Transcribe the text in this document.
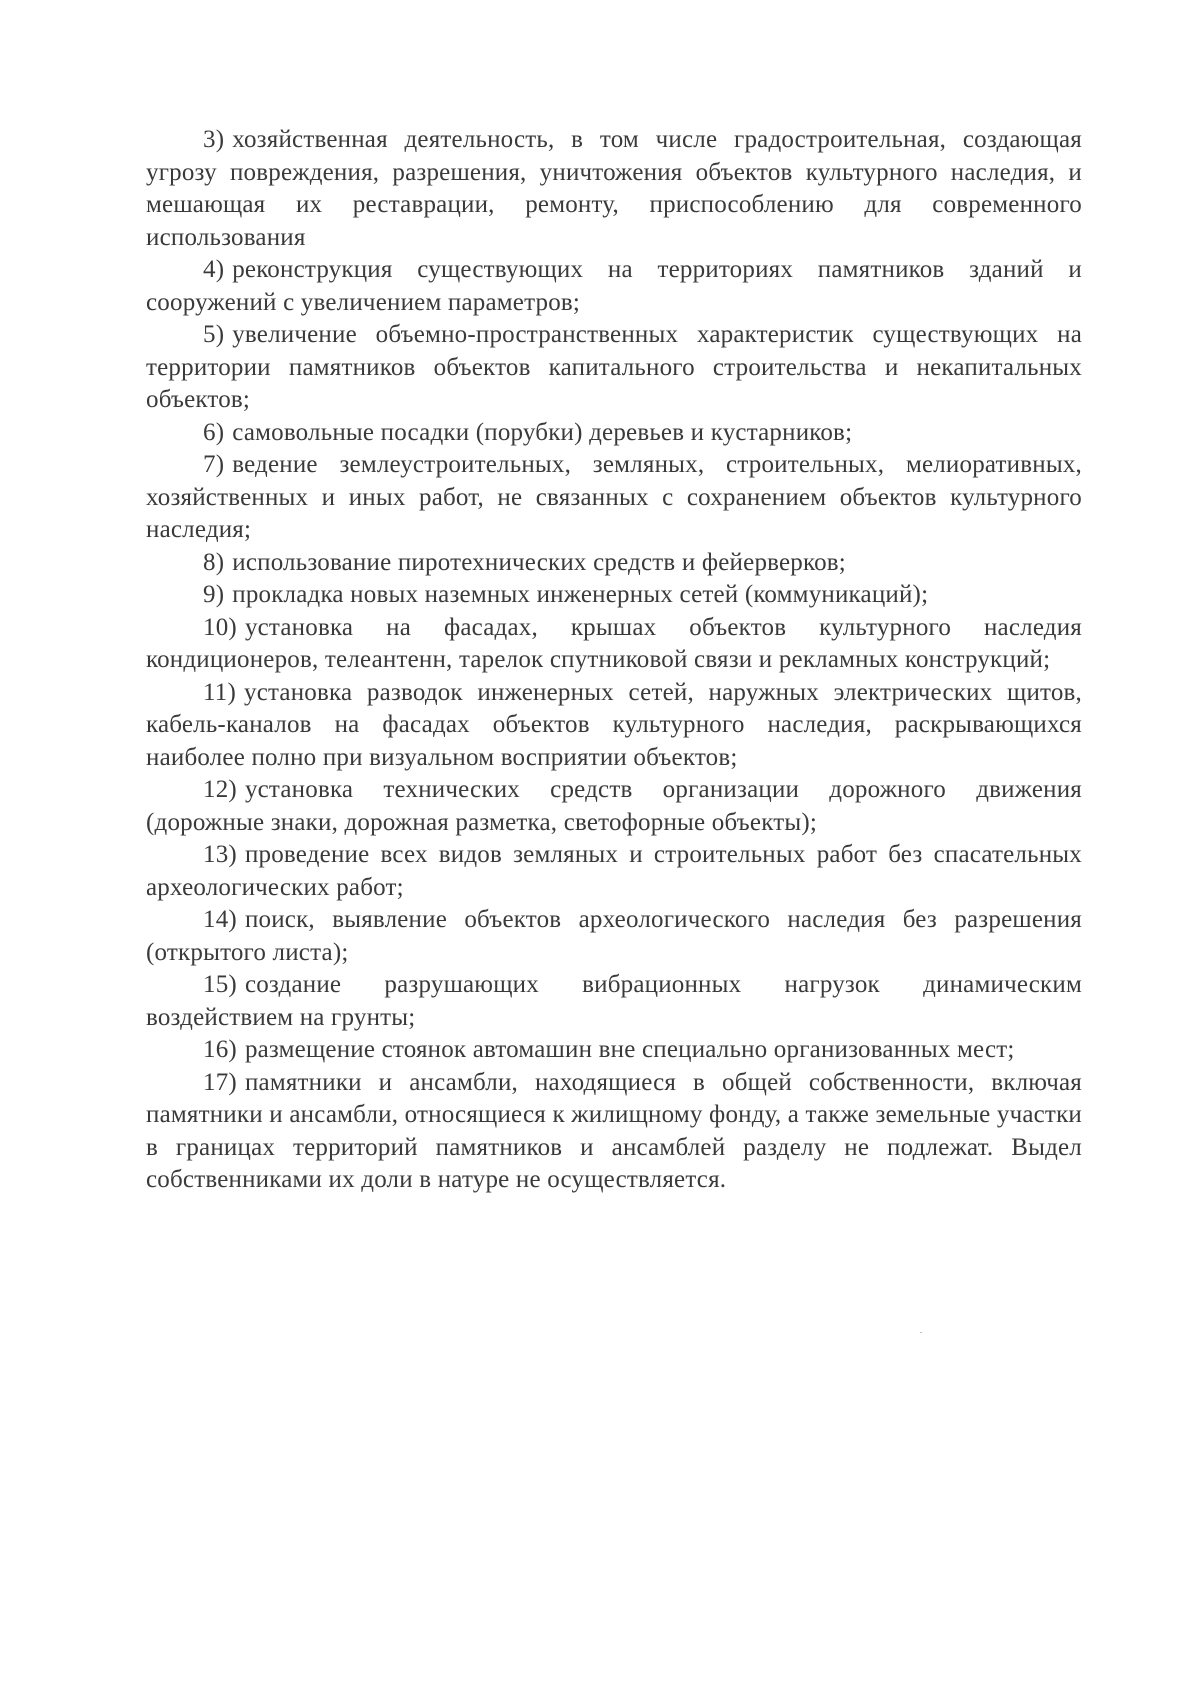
3) хозяйственная деятельность, в том числе градостроительная, создающая угрозу повреждения, разрешения, уничтожения объектов культурного наследия, и мешающая их реставрации, ремонту, приспособлению для современного использования

4) реконструкция существующих на территориях памятников зданий и сооружений с увеличением параметров;

5) увеличение объемно-пространственных характеристик существующих на территории памятников объектов капитального строительства и некапитальных объектов;

6) самовольные посадки (порубки) деревьев и кустарников;

7) ведение землеустроительных, земляных, строительных, мелиоративных, хозяйственных и иных работ, не связанных с сохранением объектов культурного наследия;

8) использование пиротехнических средств и фейерверков;

9) прокладка новых наземных инженерных сетей (коммуникаций);

10) установка на фасадах, крышах объектов культурного наследия кондиционеров, телеантенн, тарелок спутниковой связи и рекламных конструкций;

11) установка разводок инженерных сетей, наружных электрических щитов, кабель-каналов на фасадах объектов культурного наследия, раскрывающихся наиболее полно при визуальном восприятии объектов;

12) установка технических средств организации дорожного движения (дорожные знаки, дорожная разметка, светофорные объекты);

13) проведение всех видов земляных и строительных работ без спасательных археологических работ;

14) поиск, выявление объектов археологического наследия без разрешения (открытого листа);

15) создание разрушающих вибрационных нагрузок динамическим воздействием на грунты;

16) размещение стоянок автомашин вне специально организованных мест;

17) памятники и ансамбли, находящиеся в общей собственности, включая памятники и ансамбли, относящиеся к жилищному фонду, а также земельные участки в границах территорий памятников и ансамблей разделу не подлежат. Выдел собственниками их доли в натуре не осуществляется.
